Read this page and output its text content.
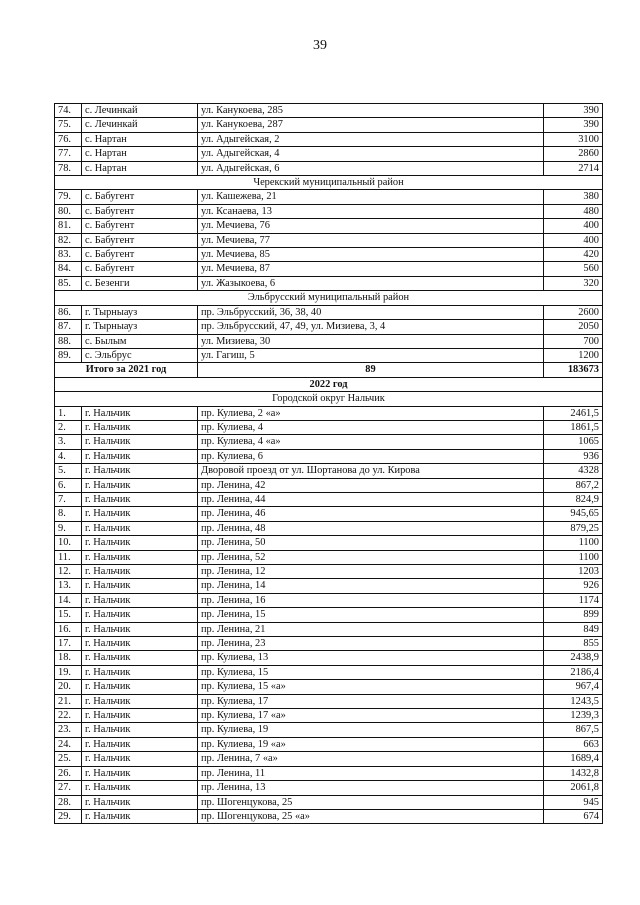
39
74.	с. Лечинкай	ул. Канукоева, 285	390
75.	с. Лечинкай	ул. Канукоева, 287	390
76.	с. Нартан	ул. Адыгейская, 2	3100
77.	с. Нартан	ул. Адыгейская, 4	2860
78.	с. Нартан	ул. Адыгейская, 6	2714
Черекский муниципальный район			
79.	с. Бабугент	ул. Кашежева, 21	380
80.	с. Бабугент	ул. Ксанаева, 13	480
81.	с. Бабугент	ул. Мечиева, 76	400
82.	с. Бабугент	ул. Мечиева, 77	400
83.	с. Бабугент	ул. Мечиева, 85	420
84.	с. Бабугент	ул. Мечиева, 87	560
85.	с. Безенги	ул. Жазыкоева, 6	320
Эльбрусский муниципальный район			
86.	г. Тырныауз	пр. Эльбрусский, 36, 38, 40	2600
87.	г. Тырныауз	пр. Эльбрусский, 47, 49, ул. Мизиева, 3, 4	2050
88.	с. Былым	ул. Мизиева, 30	700
89.	с. Эльбрус	ул. Гагиш, 5	1200
Итого за 2021 год		89	183673
2022 год			
Городской округ Нальчик			
1.	г. Нальчик	пр. Кулиева, 2 «а»	2461,5
2.	г. Нальчик	пр. Кулиева, 4	1861,5
3.	г. Нальчик	пр. Кулиева, 4 «а»	1065
4.	г. Нальчик	пр. Кулиева, 6	936
5.	г. Нальчик	Дворовой проезд от ул. Шортанова до ул. Кирова	4328
6.	г. Нальчик	пр. Ленина, 42	867,2
7.	г. Нальчик	пр. Ленина, 44	824,9
8.	г. Нальчик	пр. Ленина, 46	945,65
9.	г. Нальчик	пр. Ленина, 48	879,25
10.	г. Нальчик	пр. Ленина, 50	1100
11.	г. Нальчик	пр. Ленина, 52	1100
12.	г. Нальчик	пр. Ленина, 12	1203
13.	г. Нальчик	пр. Ленина, 14	926
14.	г. Нальчик	пр. Ленина, 16	1174
15.	г. Нальчик	пр. Ленина, 15	899
16.	г. Нальчик	пр. Ленина, 21	849
17.	г. Нальчик	пр. Ленина, 23	855
18.	г. Нальчик	пр. Кулиева, 13	2438,9
19.	г. Нальчик	пр. Кулиева, 15	2186,4
20.	г. Нальчик	пр. Кулиева, 15 «а»	967,4
21.	г. Нальчик	пр. Кулиева, 17	1243,5
22.	г. Нальчик	пр. Кулиева, 17 «а»	1239,3
23.	г. Нальчик	пр. Кулиева, 19	867,5
24.	г. Нальчик	пр. Кулиева, 19 «а»	663
25.	г. Нальчик	пр. Ленина, 7 «а»	1689,4
26.	г. Нальчик	пр. Ленина, 11	1432,8
27.	г. Нальчик	пр. Ленина, 13	2061,8
28.	г. Нальчик	пр. Шогенцукова, 25	945
29.	г. Нальчик	пр. Шогенцукова, 25 «а»	674
